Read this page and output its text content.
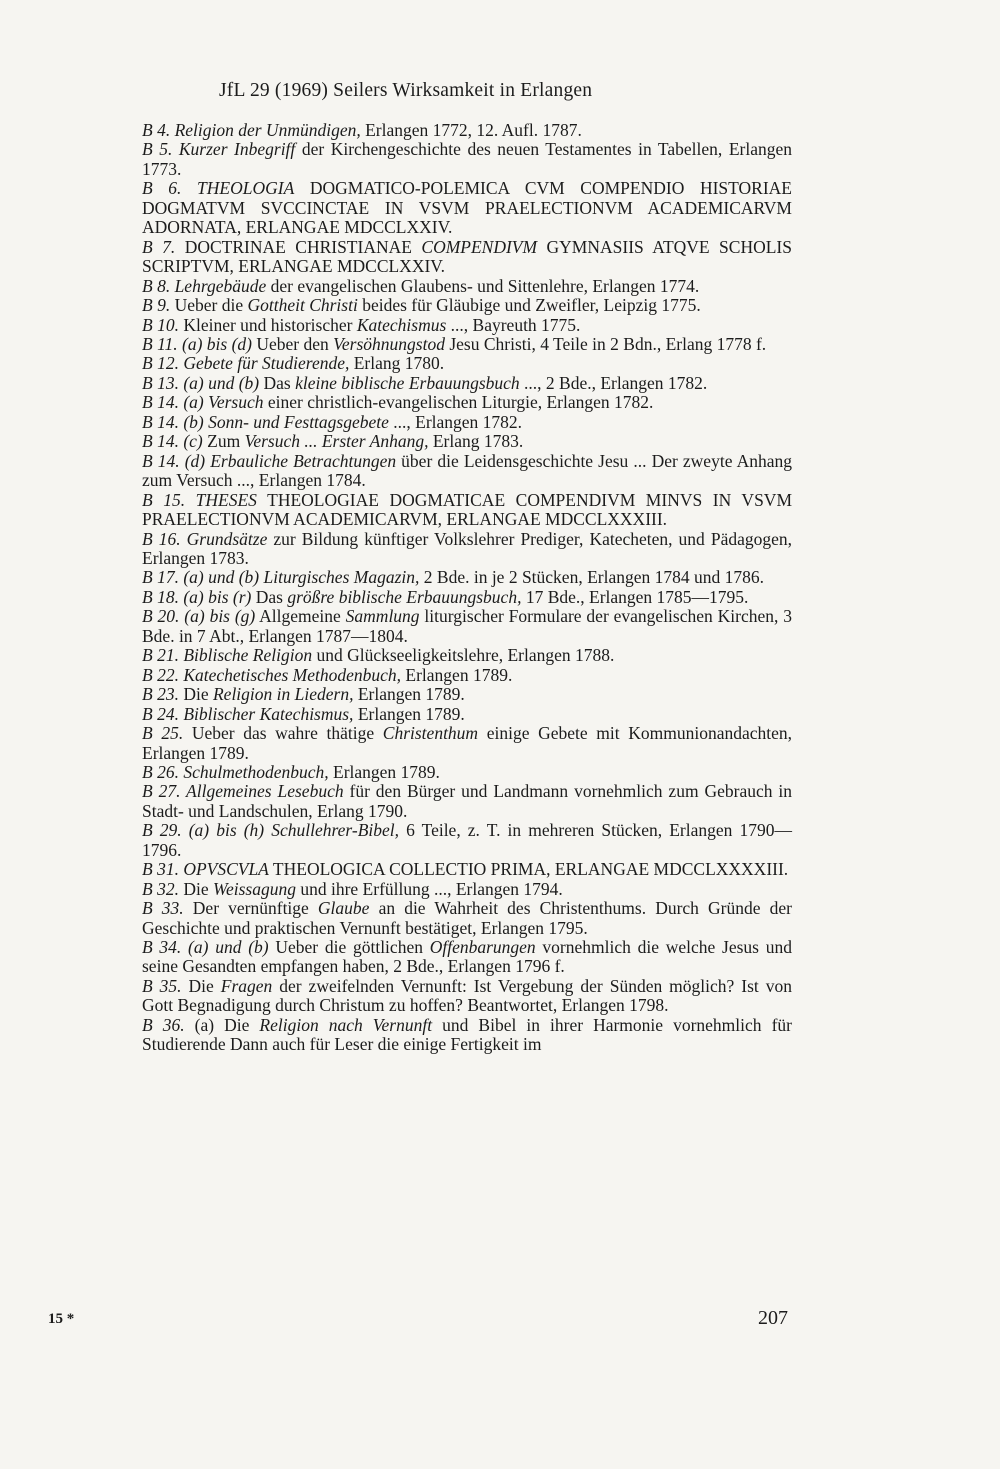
JfL 29 (1969) Seilers Wirksamkeit in Erlangen
B 4. Religion der Unmündigen, Erlangen 1772, 12. Aufl. 1787.
B 5. Kurzer Inbegriff der Kirchengeschichte des neuen Testamentes in Tabellen, Erlangen 1773.
B 6. THEOLOGIA DOGMATICO-POLEMICA CVM COMPENDIO HISTORIAE DOGMATVM SVCCINCTAE IN VSVM PRAELECTIONVM ACADEMICARVM ADORNATA, ERLANGAE MDCCLXXIV.
B 7. DOCTRINAE CHRISTIANAE COMPENDIVM GYMNASIIS ATQVE SCHOLIS SCRIPTVM, ERLANGAE MDCCLXXIV.
B 8. Lehrgebäude der evangelischen Glaubens- und Sittenlehre, Erlangen 1774.
B 9. Ueber die Gottheit Christi beides für Gläubige und Zweifler, Leipzig 1775.
B 10. Kleiner und historischer Katechismus ..., Bayreuth 1775.
B 11. (a) bis (d) Ueber den Versöhnungstod Jesu Christi, 4 Teile in 2 Bdn., Erlang 1778 f.
B 12. Gebete für Studierende, Erlang 1780.
B 13. (a) und (b) Das kleine biblische Erbauungsbuch ..., 2 Bde., Erlangen 1782.
B 14. (a) Versuch einer christlich-evangelischen Liturgie, Erlangen 1782.
B 14. (b) Sonn- und Festtagsgebete ..., Erlangen 1782.
B 14. (c) Zum Versuch ... Erster Anhang, Erlang 1783.
B 14. (d) Erbauliche Betrachtungen über die Leidensgeschichte Jesu ... Der zweyte Anhang zum Versuch ..., Erlangen 1784.
B 15. THESES THEOLOGIAE DOGMATICAE COMPENDIVM MINVS IN VSVM PRAELECTIONVM ACADEMICARVM, ERLANGAE MDCCLXXXIII.
B 16. Grundsätze zur Bildung künftiger Volkslehrer Prediger, Katecheten, und Pädagogen, Erlangen 1783.
B 17. (a) und (b) Liturgisches Magazin, 2 Bde. in je 2 Stücken, Erlangen 1784 und 1786.
B 18. (a) bis (r) Das größre biblische Erbauungsbuch, 17 Bde., Erlangen 1785—1795.
B 20. (a) bis (g) Allgemeine Sammlung liturgischer Formulare der evangelischen Kirchen, 3 Bde. in 7 Abt., Erlangen 1787—1804.
B 21. Biblische Religion und Glückseeligkeitslehre, Erlangen 1788.
B 22. Katechetisches Methodenbuch, Erlangen 1789.
B 23. Die Religion in Liedern, Erlangen 1789.
B 24. Biblischer Katechismus, Erlangen 1789.
B 25. Ueber das wahre thätige Christenthum einige Gebete mit Kommunionandachten, Erlangen 1789.
B 26. Schulmethodenbuch, Erlangen 1789.
B 27. Allgemeines Lesebuch für den Bürger und Landmann vornehmlich zum Gebrauch in Stadt- und Landschulen, Erlang 1790.
B 29. (a) bis (h) Schullehrer-Bibel, 6 Teile, z. T. in mehreren Stücken, Erlangen 1790—1796.
B 31. OPVSCVLA THEOLOGICA COLLECTIO PRIMA, ERLANGAE MDCCLXXXXIII.
B 32. Die Weissagung und ihre Erfüllung ..., Erlangen 1794.
B 33. Der vernünftige Glaube an die Wahrheit des Christenthums. Durch Gründe der Geschichte und praktischen Vernunft bestätiget, Erlangen 1795.
B 34. (a) und (b) Ueber die göttlichen Offenbarungen vornehmlich die welche Jesus und seine Gesandten empfangen haben, 2 Bde., Erlangen 1796 f.
B 35. Die Fragen der zweifelnden Vernunft: Ist Vergebung der Sünden möglich? Ist von Gott Begnadigung durch Christum zu hoffen? Beantwortet, Erlangen 1798.
B 36. (a) Die Religion nach Vernunft und Bibel in ihrer Harmonie vornehmlich für Studierende Dann auch für Leser die einige Fertigkeit im
15 *	207
